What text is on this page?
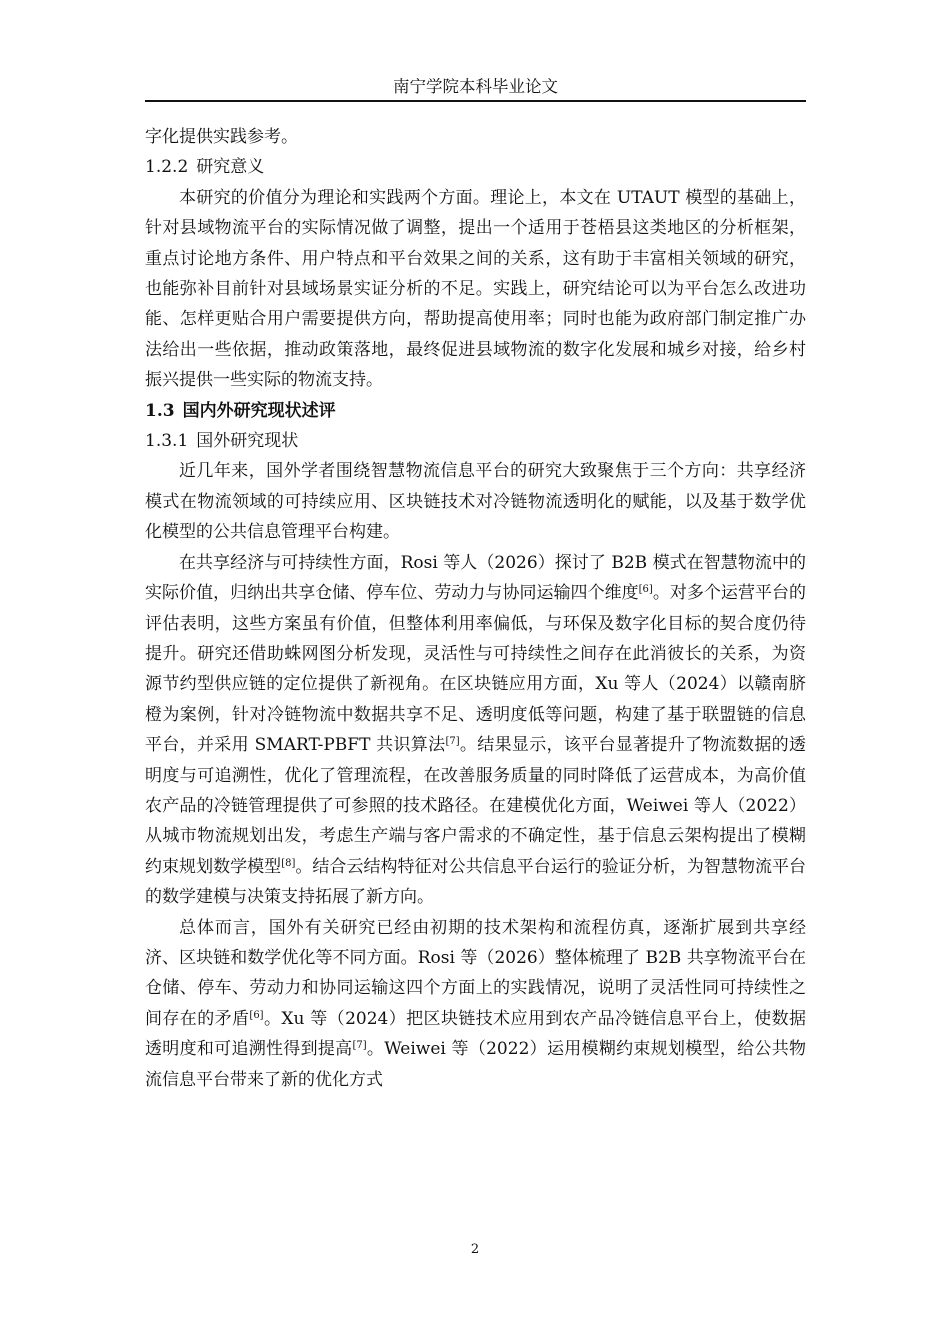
南宁学院本科毕业论文

字化提供实践参考。

1.2.2 研究意义

本研究的价值分为理论和实践两个方面。理论上，本文在 UTAUT 模型的基础上，针对县域物流平台的实际情况做了调整，提出一个适用于苍梧县这类地区的分析框架，重点讨论地方条件、用户特点和平台效果之间的关系，这有助于丰富相关领域的研究，也能弥补目前针对县域场景实证分析的不足。实践上，研究结论可以为平台怎么改进功能、怎样更贴合用户需要提供方向，帮助提高使用率；同时也能为政府部门制定推广办法给出一些依据，推动政策落地，最终促进县域物流的数字化发展和城乡对接，给乡村振兴提供一些实际的物流支持。

1.3 国内外研究现状述评

1.3.1 国外研究现状

近几年来，国外学者围绕智慧物流信息平台的研究大致聚焦于三个方向：共享经济模式在物流领域的可持续应用、区块链技术对冷链物流透明化的赋能，以及基于数学优化模型的公共信息管理平台构建。

在共享经济与可持续性方面，Rosi 等人（2026）探讨了 B2B 模式在智慧物流中的实际价值，归纳出共享仓储、停车位、劳动力与协同运输四个维度[6]。对多个运营平台的评估表明，这些方案虽有价值，但整体利用率偏低，与环保及数字化目标的契合度仍待提升。研究还借助蛛网图分析发现，灵活性与可持续性之间存在此消彼长的关系，为资源节约型供应链的定位提供了新视角。在区块链应用方面，Xu 等人（2024）以赣南脐橙为案例，针对冷链物流中数据共享不足、透明度低等问题，构建了基于联盟链的信息平台，并采用 SMART-PBFT 共识算法[7]。结果显示，该平台显著提升了物流数据的透明度与可追溯性，优化了管理流程，在改善服务质量的同时降低了运营成本，为高价值农产品的冷链管理提供了可参照的技术路径。在建模优化方面，Weiwei 等人（2022）从城市物流规划出发，考虑生产端与客户需求的不确定性，基于信息云架构提出了模糊约束规划数学模型[8]。结合云结构特征对公共信息平台运行的验证分析，为智慧物流平台的数学建模与决策支持拓展了新方向。

总体而言，国外有关研究已经由初期的技术架构和流程仿真，逐渐扩展到共享经济、区块链和数学优化等不同方面。Rosi 等（2026）整体梳理了 B2B 共享物流平台在仓储、停车、劳动力和协同运输这四个方面上的实践情况，说明了灵活性同可持续性之间存在的矛盾[6]。Xu 等（2024）把区块链技术应用到农产品冷链信息平台上，使数据透明度和可追溯性得到提高[7]。Weiwei 等（2022）运用模糊约束规划模型，给公共物流信息平台带来了新的优化方式

2
